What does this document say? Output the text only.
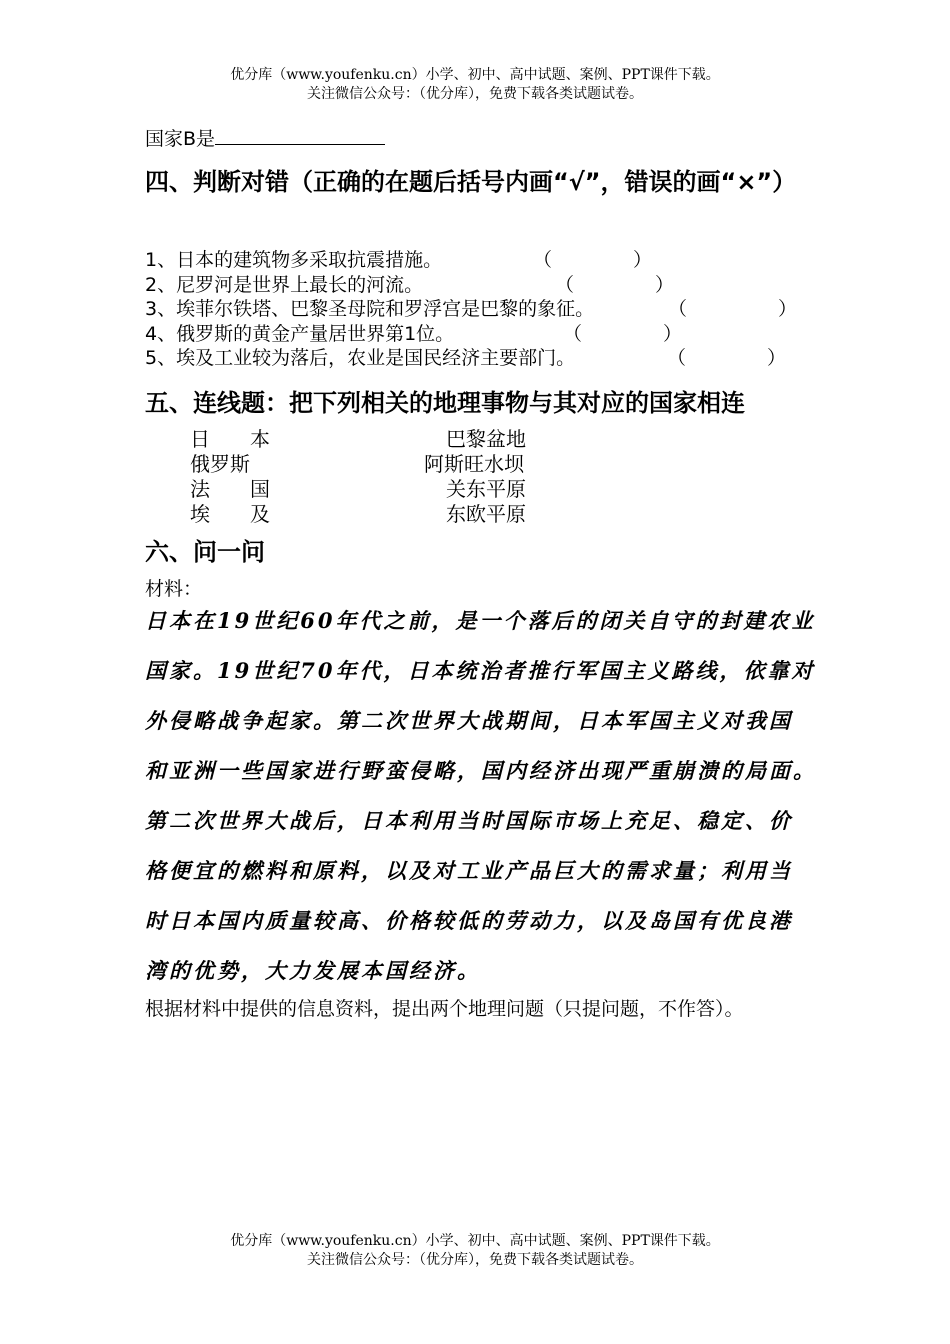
优分库（www.youfenku.cn）小学、初中、高中试题、案例、PPT课件下载。
关注微信公众号：（优分库），免费下载各类试题试卷。
国家B是
四、判断对错（正确的在题后括号内画“√”，错误的画“×”）
1、日本的建筑物多采取抗震措施。	（	）
2、尼罗河是世界上最长的河流。	（	）
3、埃菲尔铁塔、巴黎圣母院和罗浮宫是巴黎的象征。	（	）
4、俄罗斯的黄金产量居世界第1位。	（	）
5、埃及工业较为落后，农业是国民经济主要部门。	（	）
五、连线题：把下列相关的地理事物与其对应的国家相连
日　　本
俄罗斯
法　　国
埃　　及
巴黎盆地
阿斯旺水坝
关东平原
东欧平原
六、问一问
材料：
日本在19世纪60年代之前，是一个落后的闭关自守的封建农业
国家。19世纪70年代，日本统治者推行军国主义路线，依靠对
外侵略战争起家。第二次世界大战期间，日本军国主义对我国
和亚洲一些国家进行野蛮侵略，国内经济出现严重崩溃的局面。
第二次世界大战后，日本利用当时国际市场上充足、稳定、价
格便宜的燃料和原料，以及对工业产品巨大的需求量；利用当
时日本国内质量较高、价格较低的劳动力，以及岛国有优良港
湾的优势，大力发展本国经济。
根据材料中提供的信息资料，提出两个地理问题（只提问题，不作答）。
优分库（www.youfenku.cn）小学、初中、高中试题、案例、PPT课件下载。
关注微信公众号：（优分库），免费下载各类试题试卷。
